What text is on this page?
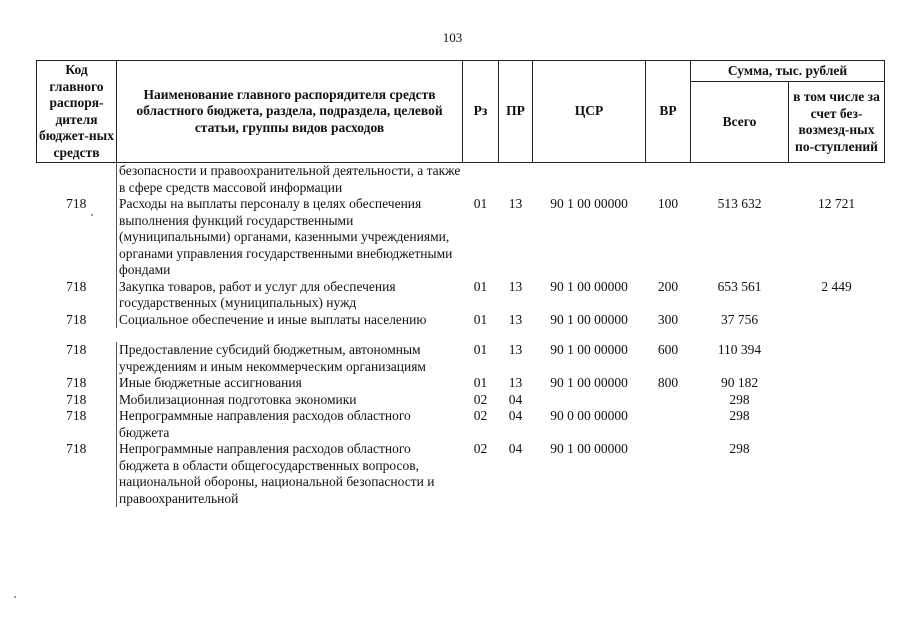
103
Код главного распоря-дителя бюджет-ных средств	Наименование главного распорядителя средств областного бюджета, раздела, подраздела, целевой статьи, группы видов расходов	Рз	ПР	ЦСР	ВР	Сумма, тыс. рублей	
						Всего	в том числе за счет без-возмезд-ных по-ступлений
	безопасности и правоохранительной деятельности, а также в сфере средств массовой информации						
718	Расходы на выплаты персоналу в целях обеспечения выполнения функций государственными (муниципальными) органами, казенными учреждениями, органами управления государственными внебюджетными фондами	01	13	90 1 00 00000	100	513 632	12 721
718	Закупка товаров, работ и услуг для обеспечения государственных (муниципальных) нужд	01	13	90 1 00 00000	200	653 561	2 449
718	Социальное обеспечение и иные выплаты населению	01	13	90 1 00 00000	300	37 756	

718	Предоставление субсидий бюджетным, автономным учреждениям и иным некоммерческим организациям	01	13	90 1 00 00000	600	110 394	
718	Иные бюджетные ассигнования	01	13	90 1 00 00000	800	90 182	
718	Мобилизационная подготовка экономики	02	04			298	
718	Непрограммные направления расходов областного бюджета	02	04	90 0 00 00000		298	
718	Непрограммные направления расходов областного бюджета в области общегосударственных вопросов, национальной обороны, национальной безопасности и правоохранительной	02	04	90 1 00 00000		298	
